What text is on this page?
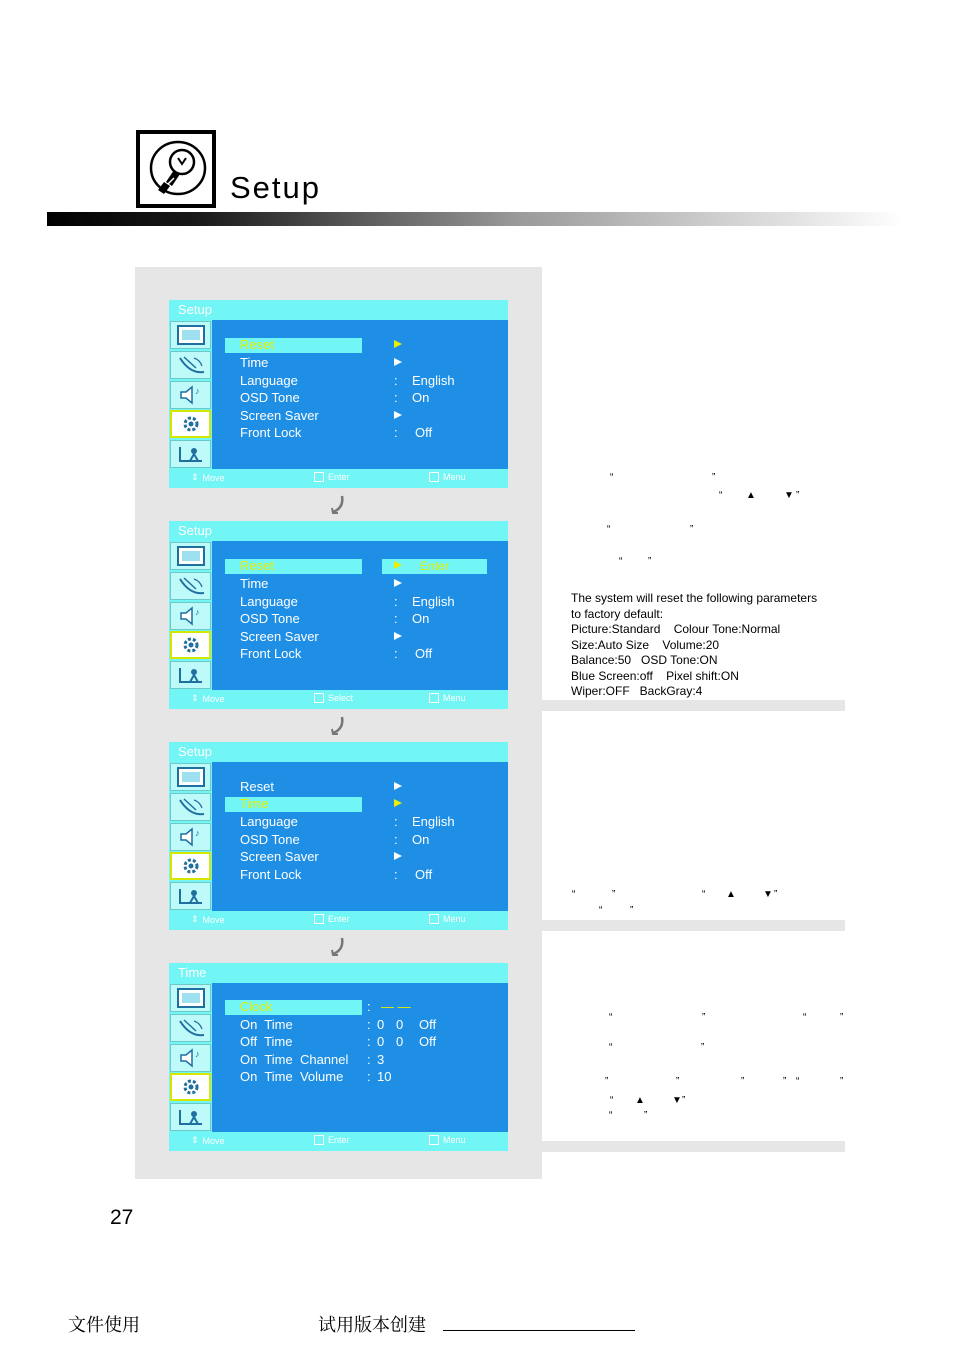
Setup
Setup
♪
Reset
Time
Language	: English
OSD Tone	: On
Screen Saver
Front Lock	: Off
⇕ Move	Enter	Menu
Setup
♪
Enter
Reset
Time
Language	: English
OSD Tone	: On
Screen Saver
Front Lock	: Off
⇕ Move	Select	Menu
Setup
♪
Reset
Time
Language	: English
OSD Tone	: On
Screen Saver
Front Lock	: Off
⇕ Move	Enter	Menu
Time
♪
Clock	: — —
On  Time	: 0 0 Off
Off  Time	: 0 0 Off
On  Time  Channel : 3
On  Time  Volume : 10
⇕ Move	Enter	Menu
“	”
“ ▲	▼ ”
“	”
“	”
The system will reset the following parameters
to factory default:
Picture:Standard    Colour Tone:Normal
Size:Auto Size    Volume:20
Balance:50   OSD Tone:ON
Blue Screen:off    Pixel shift:ON
Wiper:OFF   BackGray:4
“	”	“ ▲	▼ ”
“	”
“	”	“	”
“	”
”	”	”	” “	”
“ ▲	▼ ”
“	”
27
文件使用	试用版本创建
